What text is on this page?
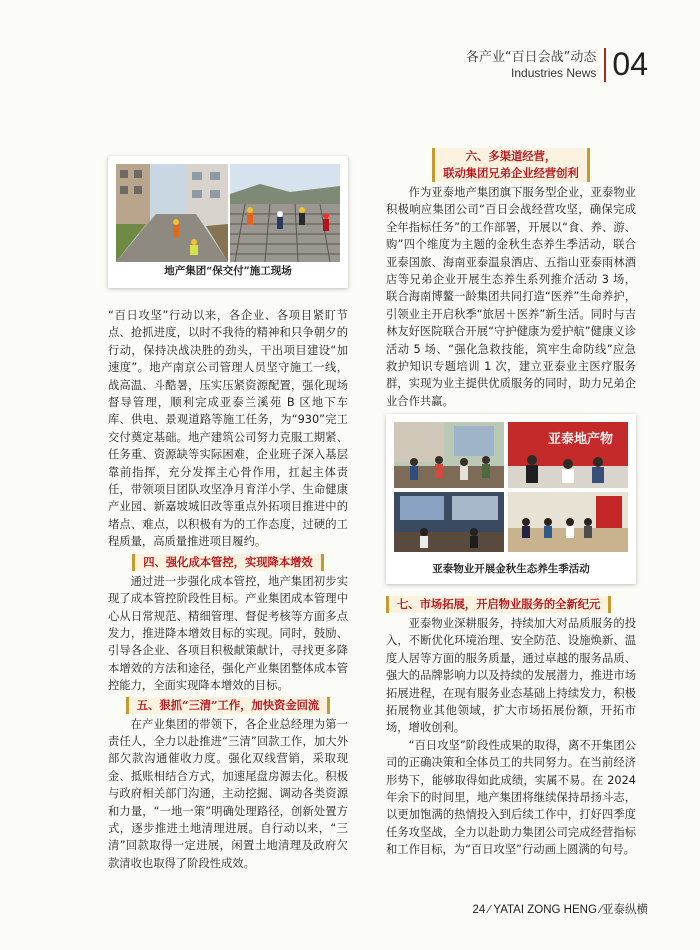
各产业“百日会战”动态
Industries News 04
地产集团“保交付”施工现场

“百日攻坚”行动以来，各企业、各项目紧盯节点、抢抓进度，以时不我待的精神和只争朝夕的行动，保持决战决胜的劲头，干出项目建设“加速度”。地产南京公司管理人员坚守施工一线，战高温、斗酷暑，压实压紧资源配置，强化现场督导管理，顺利完成亚泰兰溪苑 B 区地下车库、供电、景观道路等施工任务，为“930”完工交付奠定基础。地产建筑公司努力克服工期紧、任务重、资源缺等实际困难，企业班子深入基层靠前指挥，充分发挥主心骨作用，扛起主体责任，带领项目团队攻坚净月育洋小学、生命健康产业园、新嘉坡城旧改等重点外拓项目推进中的堵点、难点，以积极有为的工作态度，过硬的工程质量，高质量推进项目履约。

四、强化成本管控，实现降本增效

通过进一步强化成本管控，地产集团初步实现了成本管控阶段性目标。产业集团成本管理中心从日常规范、精细管理、督促考核等方面多点发力，推进降本增效目标的实现。同时，鼓励、引导各企业、各项目积极献策献计，寻找更多降本增效的方法和途径，强化产业集团整体成本管控能力，全面实现降本增效的目标。

五、狠抓“三清”工作，加快资金回流

在产业集团的带领下，各企业总经理为第一责任人，全力以赴推进“三清”回款工作，加大外部欠款沟通催收力度。强化双线营销，采取现金、抵账相结合方式，加速尾盘房源去化。积极与政府相关部门沟通，主动挖掘、调动各类资源和力量，“一地一策”明确处理路径，创新处置方式，逐步推进土地清理进展。自行动以来，“三清”回款取得一定进展，闲置土地清理及政府欠款清收也取得了阶段性成效。

六、多渠道经营，
联动集团兄弟企业经营创利

作为亚泰地产集团旗下服务型企业，亚泰物业积极响应集团公司“百日会战经营攻坚，确保完成全年指标任务”的工作部署，开展以“食、养、游、购”四个维度为主题的金秋生态养生季活动，联合亚泰国旅、海南亚泰温泉酒店、五指山亚泰雨林酒店等兄弟企业开展生态养生系列推介活动 3 场，联合海南博鳌一龄集团共同打造“医养”生命养护，引领业主开启秋季“旅居＋医养”新生活。同时与吉林友好医院联合开展“守护健康为爱护航”健康义诊活动 5 场、“强化急救技能，筑牢生命防线”应急救护知识专题培训 1 次，建立亚泰业主医疗服务群，实现为业主提供优质服务的同时，助力兄弟企业合作共赢。

亚泰地产物
亚泰物业开展金秋生态养生季活动
七、市场拓展，开启物业服务的全新纪元

亚泰物业深耕服务，持续加大对品质服务的投入，不断优化环境治理、安全防范、设施焕新、温度人居等方面的服务质量，通过卓越的服务品质、强大的品牌影响力以及持续的发展潜力，推进市场拓展进程，在现有服务业态基础上持续发力，积极拓展物业其他领域，扩大市场拓展份额，开拓市场，增收创利。

“百日攻坚”阶段性成果的取得，离不开集团公司的正确决策和全体员工的共同努力。在当前经济形势下，能够取得如此成绩，实属不易。在 2024 年余下的时间里，地产集团将继续保持昂扬斗志，以更加饱满的热情投入到后续工作中，打好四季度任务攻坚战，全力以赴助力集团公司完成经营指标和工作目标，为“百日攻坚”行动画上圆满的句号。

24 ∕ YATAI ZONG HENG ∕亚泰纵横
